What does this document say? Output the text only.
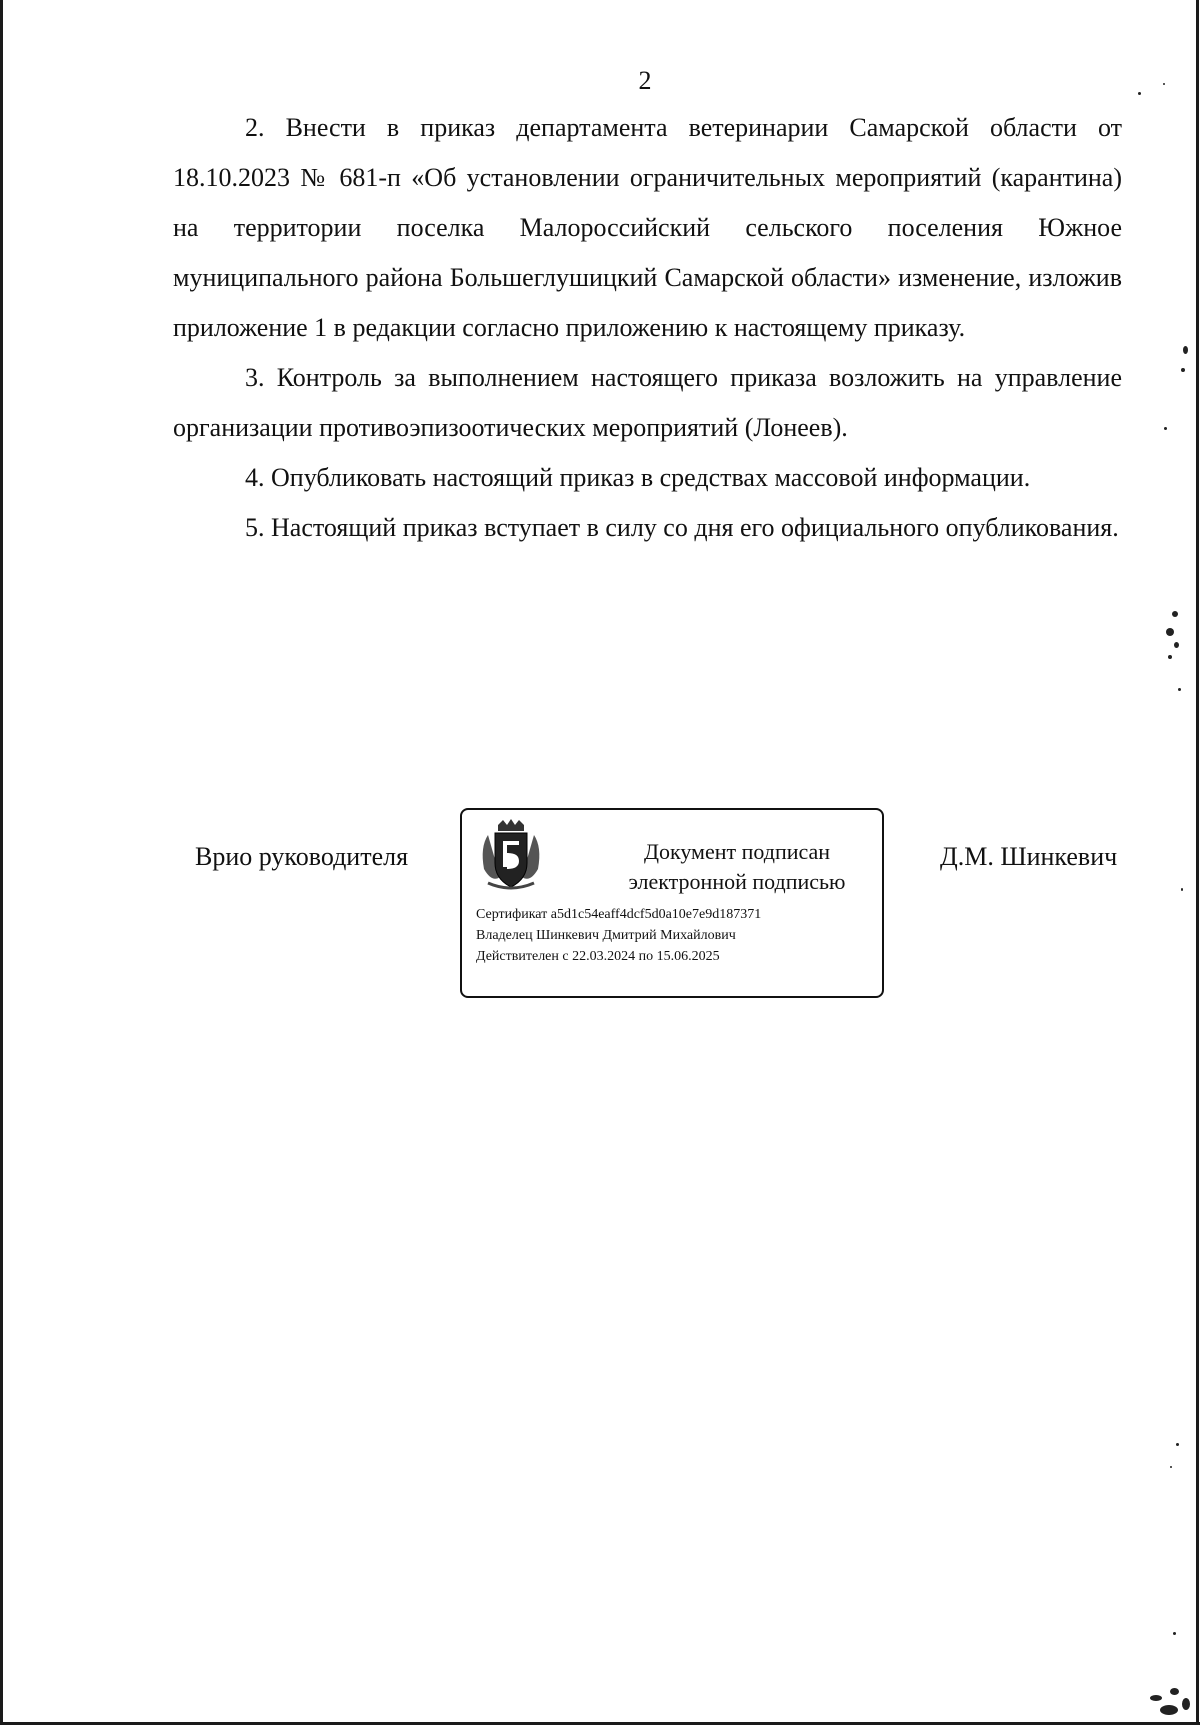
2

2. Внести в приказ департамента ветеринарии Самарской области от 18.10.2023 № 681-п «Об установлении ограничительных мероприятий (карантина) на территории поселка Малороссийский сельского поселения Южное муниципального района Большеглушицкий Самарской области» изменение, изложив приложение 1 в редакции согласно приложению к настоящему приказу.

3. Контроль за выполнением настоящего приказа возложить на управление организации противоэпизоотических мероприятий (Лонеев).

4. Опубликовать настоящий приказ в средствах массовой информации.

5. Настоящий приказ вступает в силу со дня его официального опубликования.

Врио руководителя	Документ подписан
электронной подписью
Сертификат a5d1c54eaff4dcf5d0a10e7e9d187371
Владелец Шинкевич Дмитрий Михайлович
Действителен с 22.03.2024 по 15.06.2025
Д.М. Шинкевич
